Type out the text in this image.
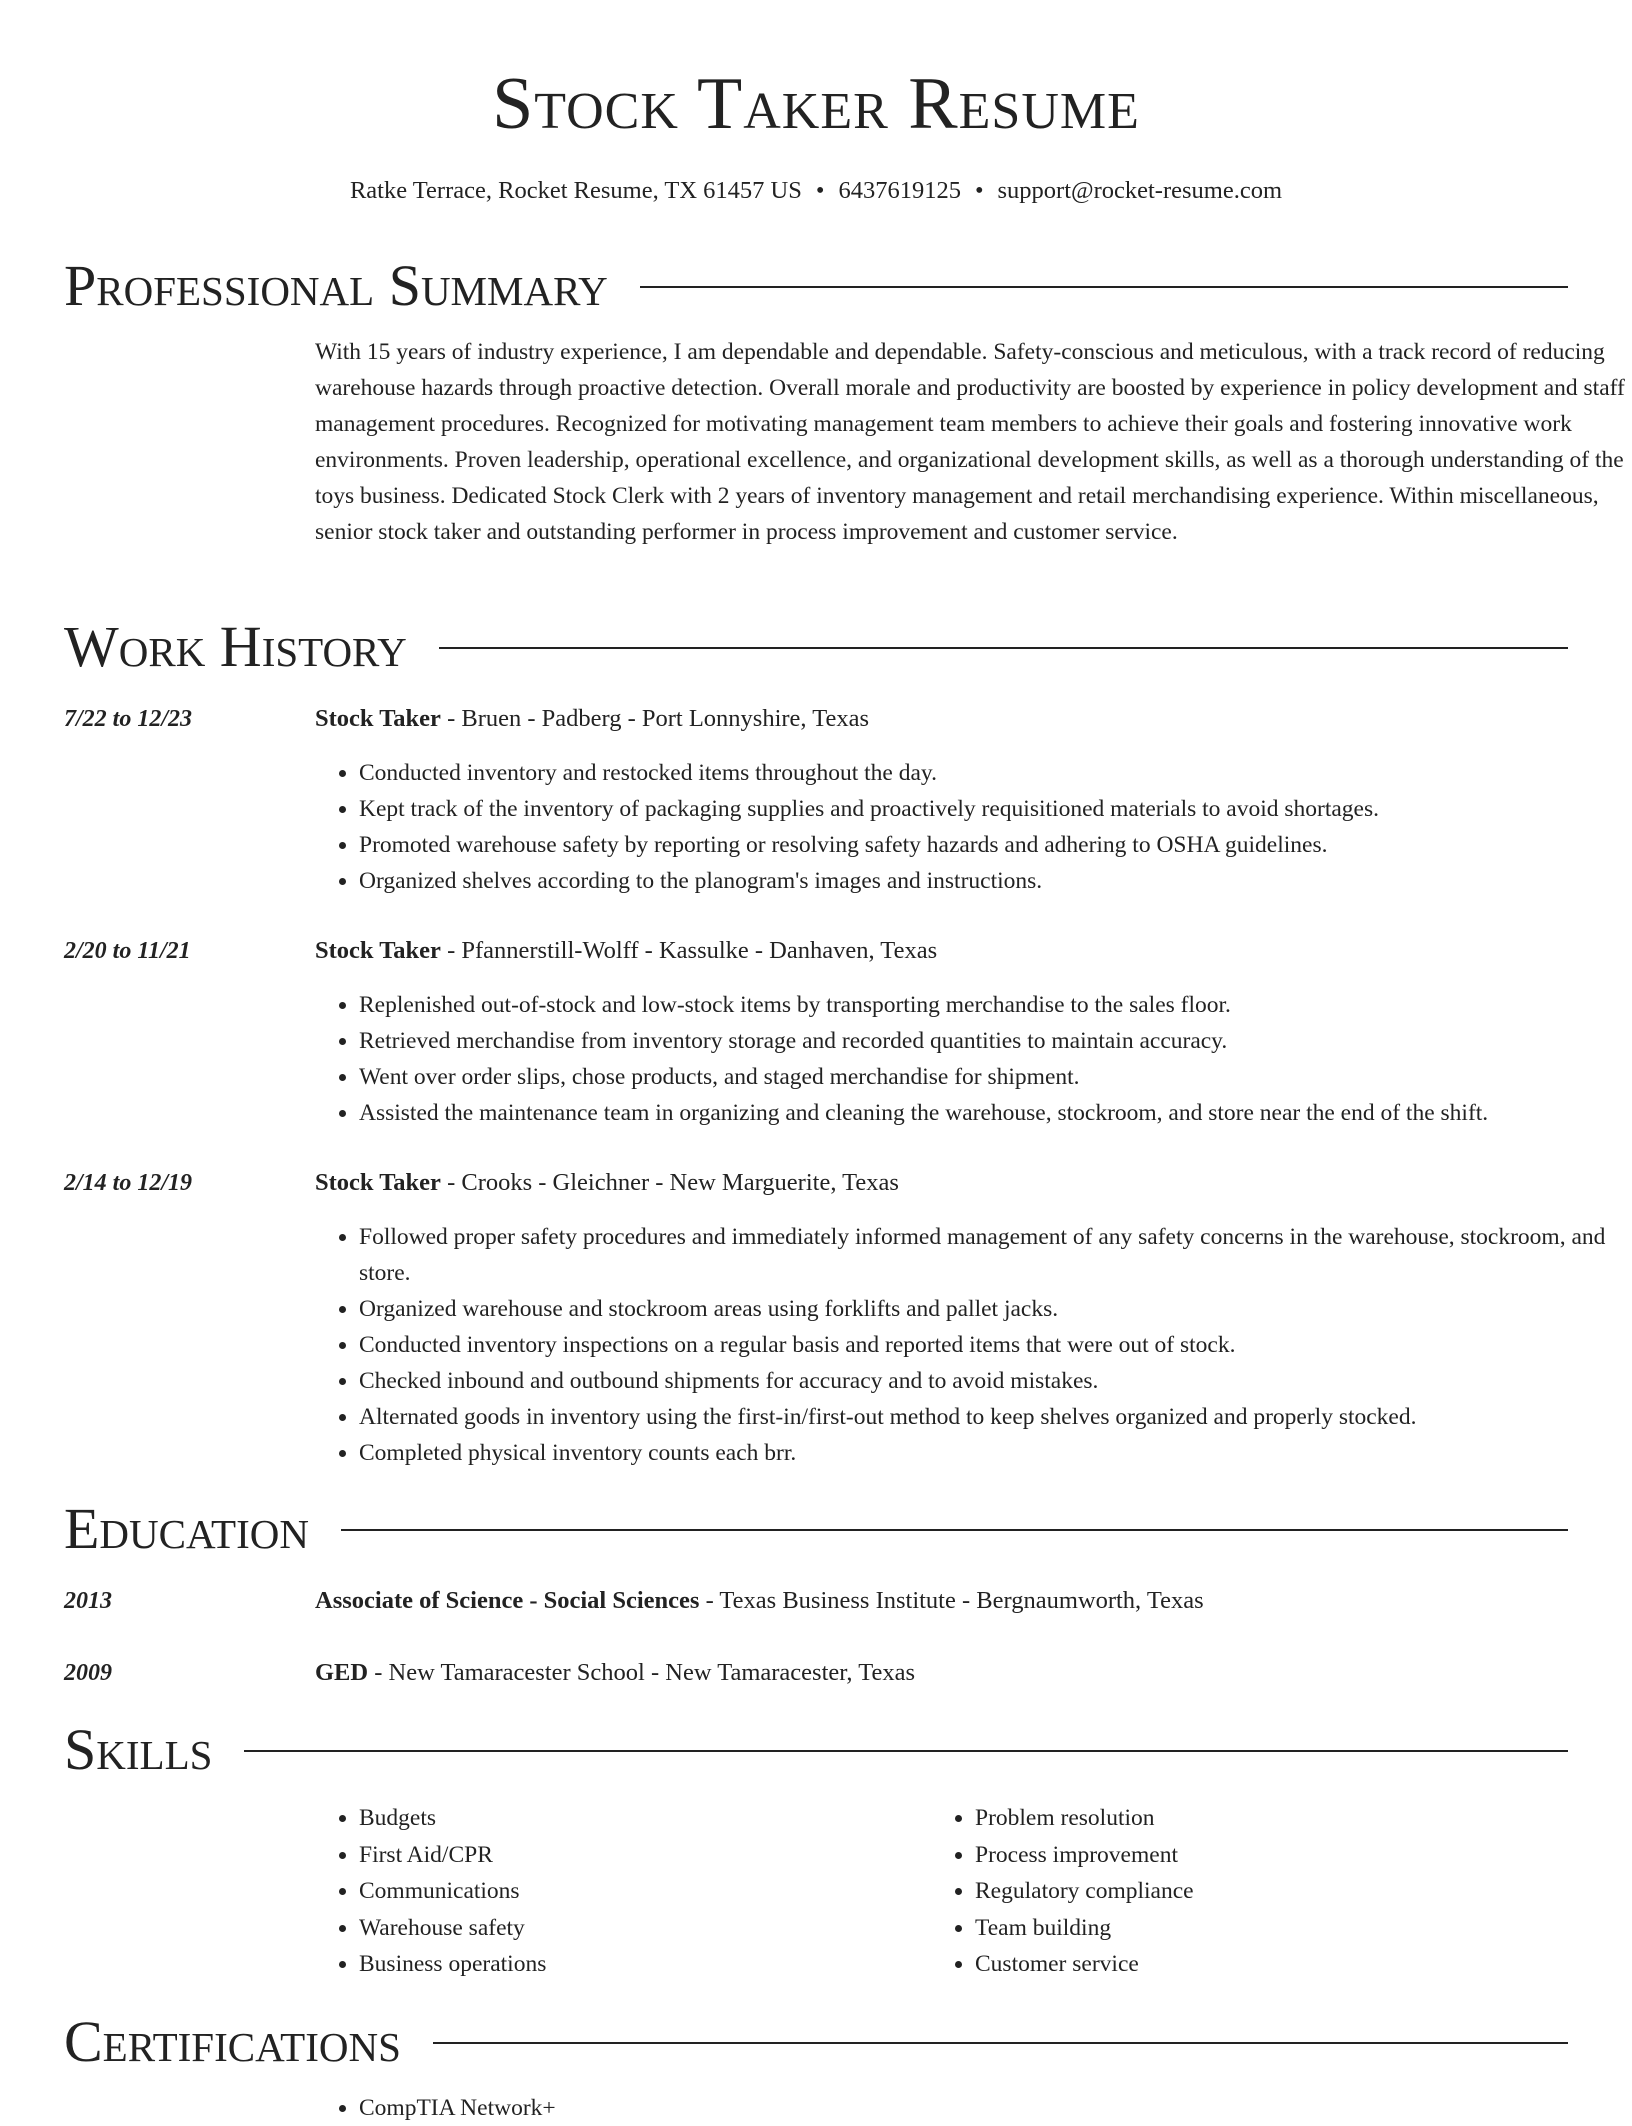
Stock Taker Resume
Ratke Terrace, Rocket Resume, TX 61457 US • 6437619125 • support@rocket-resume.com
Professional Summary

With 15 years of industry experience, I am dependable and dependable. Safety-conscious and meticulous, with a track record of reducing warehouse hazards through proactive detection. Overall morale and productivity are boosted by experience in policy development and staff management procedures. Recognized for motivating management team members to achieve their goals and fostering innovative work environments. Proven leadership, operational excellence, and organizational development skills, as well as a thorough understanding of the toys business. Dedicated Stock Clerk with 2 years of inventory management and retail merchandising experience. Within miscellaneous, senior stock taker and outstanding performer in process improvement and customer service.

Work History
7/22 to 12/23	Stock Taker - Bruen - Padberg - Port Lonnyshire, Texas
• Conducted inventory and restocked items throughout the day.
• Kept track of the inventory of packaging supplies and proactively requisitioned materials to avoid shortages.
• Promoted warehouse safety by reporting or resolving safety hazards and adhering to OSHA guidelines.
• Organized shelves according to the planogram's images and instructions.
2/20 to 11/21	Stock Taker - Pfannerstill-Wolff - Kassulke - Danhaven, Texas
• Replenished out-of-stock and low-stock items by transporting merchandise to the sales floor.
• Retrieved merchandise from inventory storage and recorded quantities to maintain accuracy.
• Went over order slips, chose products, and staged merchandise for shipment.
• Assisted the maintenance team in organizing and cleaning the warehouse, stockroom, and store near the end of the shift.
2/14 to 12/19	Stock Taker - Crooks - Gleichner - New Marguerite, Texas
• Followed proper safety procedures and immediately informed management of any safety concerns in the warehouse, stockroom, and store.
• Organized warehouse and stockroom areas using forklifts and pallet jacks.
• Conducted inventory inspections on a regular basis and reported items that were out of stock.
• Checked inbound and outbound shipments for accuracy and to avoid mistakes.
• Alternated goods in inventory using the first-in/first-out method to keep shelves organized and properly stocked.
• Completed physical inventory counts each brr.
Education
2013	Associate of Science - Social Sciences - Texas Business Institute - Bergnaumworth, Texas
2009	GED - New Tamaracester School - New Tamaracester, Texas
Skills
• Budgets
• First Aid/CPR
• Communications
• Warehouse safety
• Business operations
• Problem resolution
• Process improvement
• Regulatory compliance
• Team building
• Customer service
Certifications
• CompTIA Network+
